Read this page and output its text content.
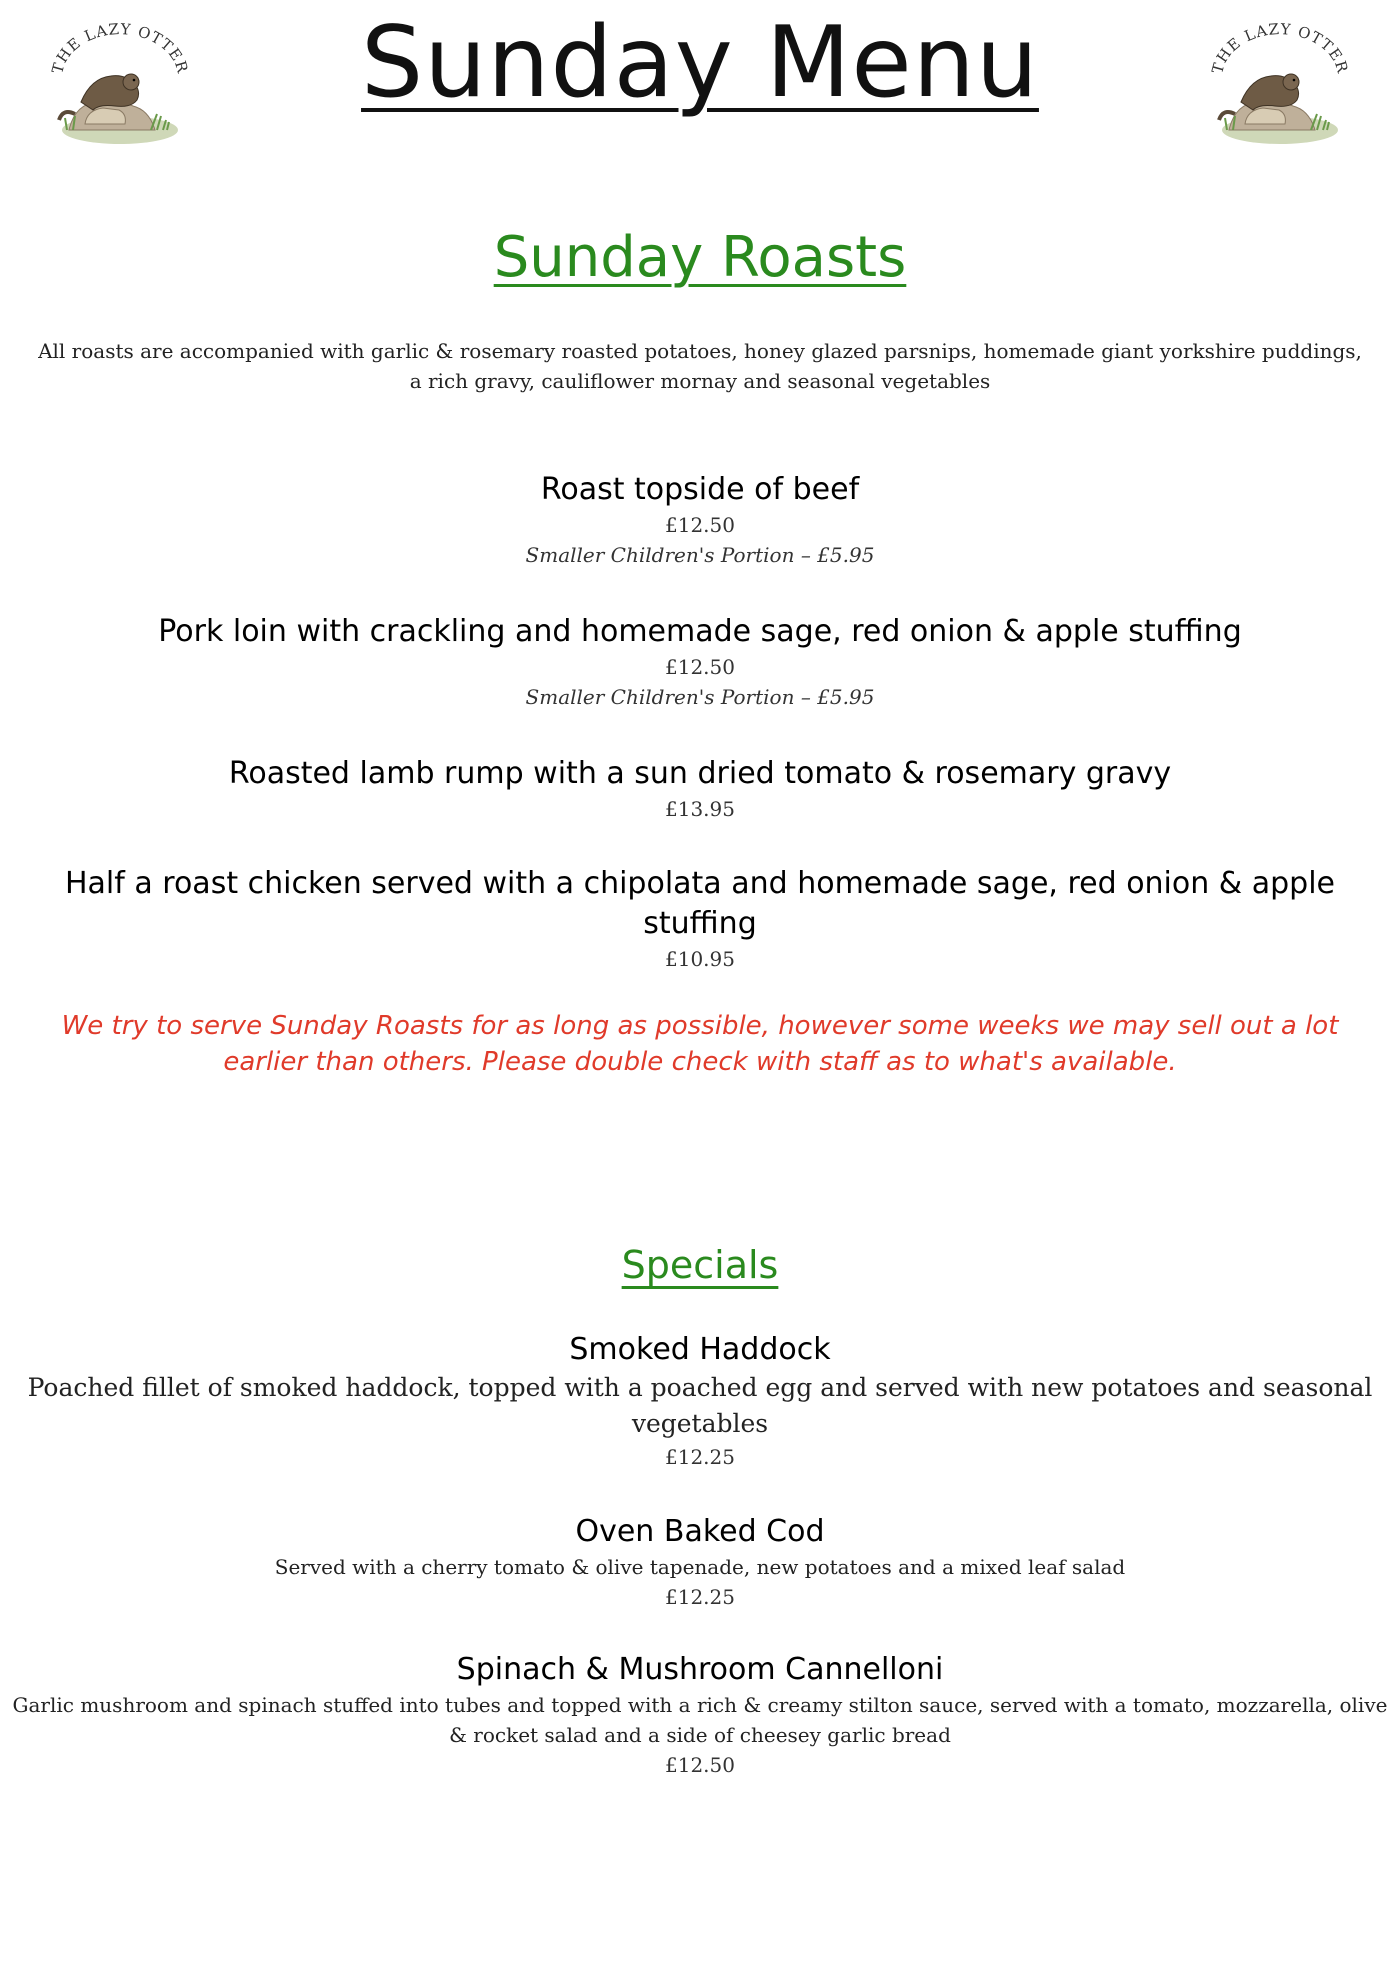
THE LAZY OTTER	THE LAZY OTTER
Sunday Menu
Sunday Roasts
All roasts are accompanied with garlic & rosemary roasted potatoes, honey glazed parsnips, homemade giant yorkshire puddings, a rich gravy, cauliflower mornay and seasonal vegetables
Roast topside of beef
£12.50
Smaller Children's Portion – £5.95
Pork loin with crackling and homemade sage, red onion & apple stuffing
£12.50
Smaller Children's Portion – £5.95
Roasted lamb rump with a sun dried tomato & rosemary gravy
£13.95
Half a roast chicken served with a chipolata and homemade sage, red onion & apple stuffing
£10.95
We try to serve Sunday Roasts for as long as possible, however some weeks we may sell out a lot earlier than others. Please double check with staff as to what's available.
Specials
Smoked Haddock
Poached fillet of smoked haddock, topped with a poached egg and served with new potatoes and seasonal vegetables
£12.25
Oven Baked Cod
Served with a cherry tomato & olive tapenade, new potatoes and a mixed leaf salad
£12.25
Spinach & Mushroom Cannelloni
Garlic mushroom and spinach stuffed into tubes and topped with a rich & creamy stilton sauce, served with a tomato, mozzarella, olive & rocket salad and a side of cheesey garlic bread
£12.50
